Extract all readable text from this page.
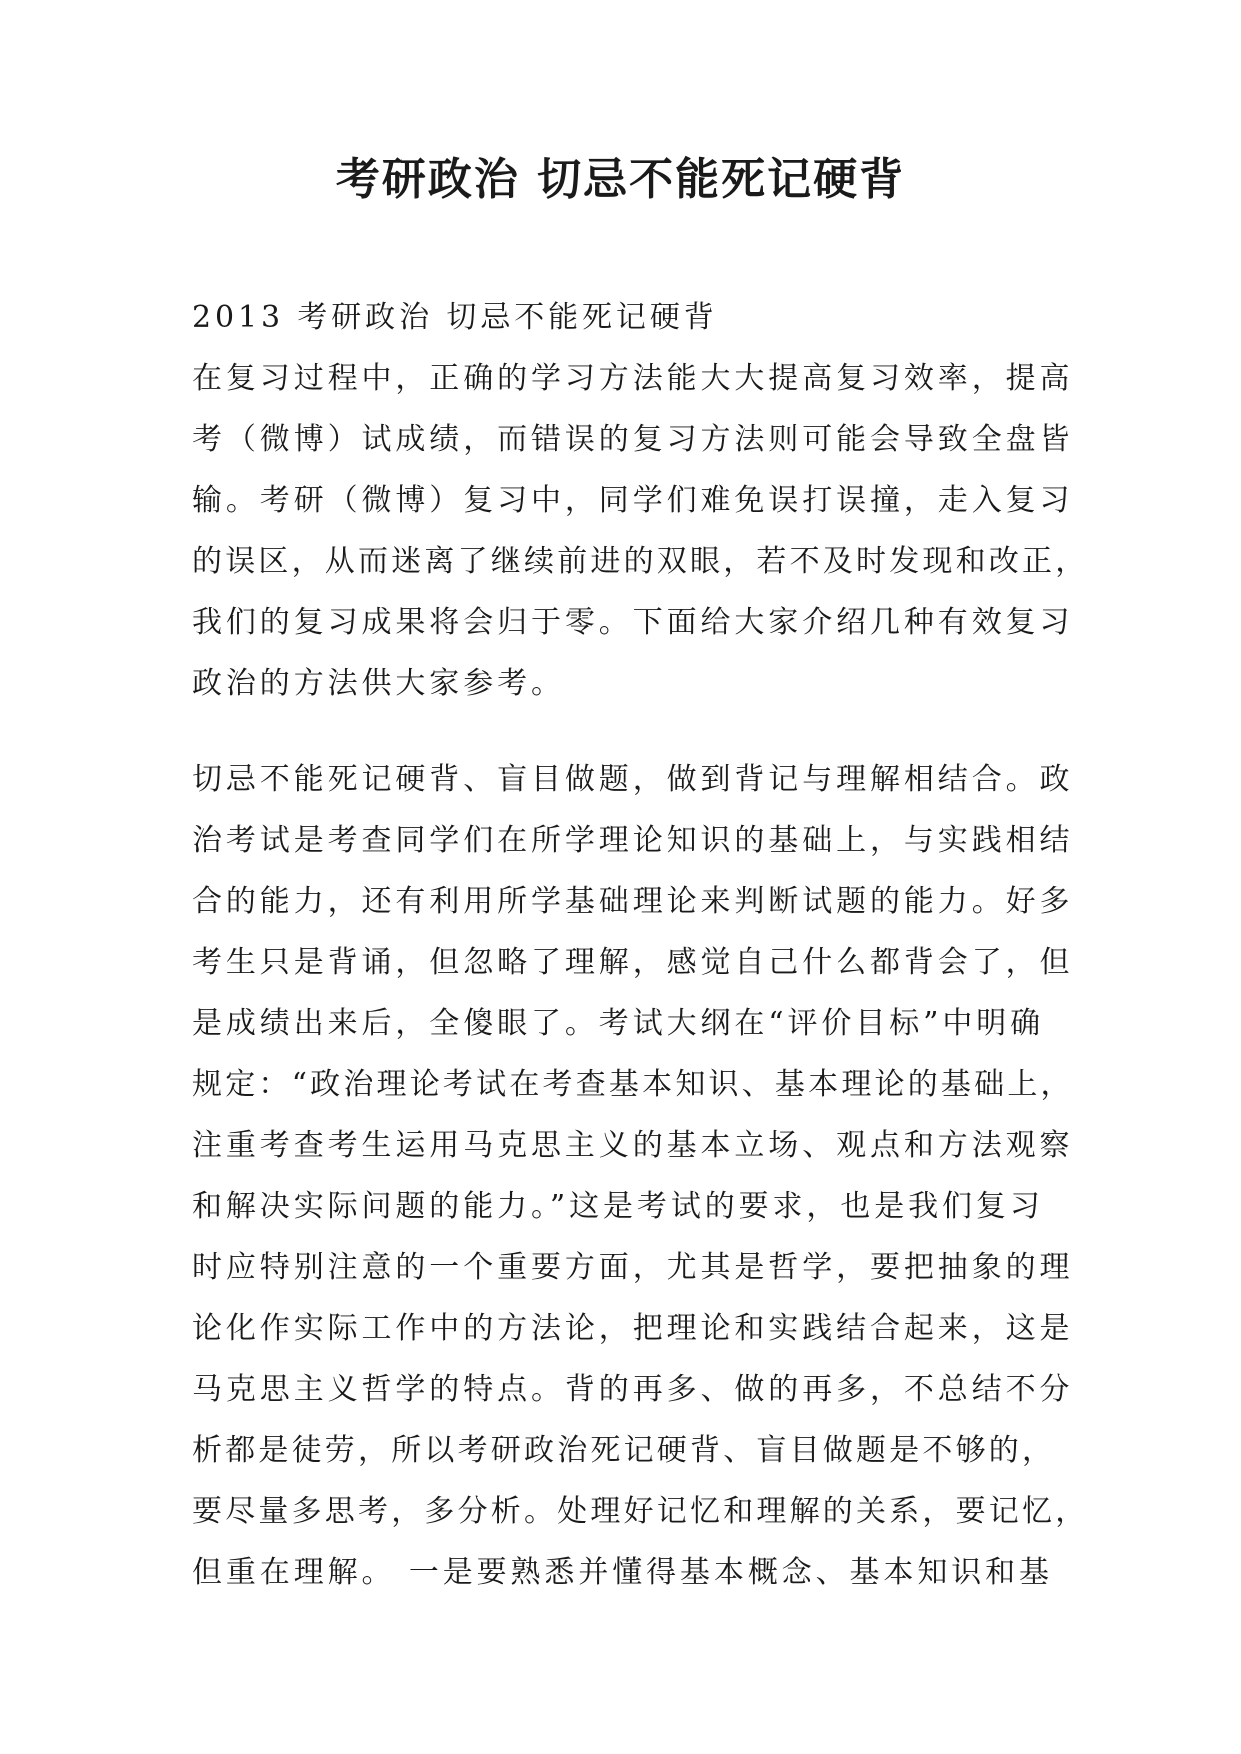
考研政治 切忌不能死记硬背
2013 考研政治 切忌不能死记硬背
在复习过程中，正确的学习方法能大大提高复习效率，提高
考（微博）试成绩，而错误的复习方法则可能会导致全盘皆
输。考研（微博）复习中，同学们难免误打误撞，走入复习
的误区，从而迷离了继续前进的双眼，若不及时发现和改正，
我们的复习成果将会归于零。下面给大家介绍几种有效复习
政治的方法供大家参考。
切忌不能死记硬背、盲目做题，做到背记与理解相结合。政
治考试是考查同学们在所学理论知识的基础上，与实践相结
合的能力，还有利用所学基础理论来判断试题的能力。好多
考生只是背诵，但忽略了理解，感觉自己什么都背会了，但
是成绩出来后，全傻眼了。考试大纲在“评价目标”中明确
规定：“政治理论考试在考查基本知识、基本理论的基础上，
注重考查考生运用马克思主义的基本立场、观点和方法观察
和解决实际问题的能力。”这是考试的要求，也是我们复习
时应特别注意的一个重要方面，尤其是哲学，要把抽象的理
论化作实际工作中的方法论，把理论和实践结合起来，这是
马克思主义哲学的特点。背的再多、做的再多，不总结不分
析都是徒劳，所以考研政治死记硬背、盲目做题是不够的，
要尽量多思考，多分析。处理好记忆和理解的关系，要记忆，
但重在理解。 一是要熟悉并懂得基本概念、基本知识和基
